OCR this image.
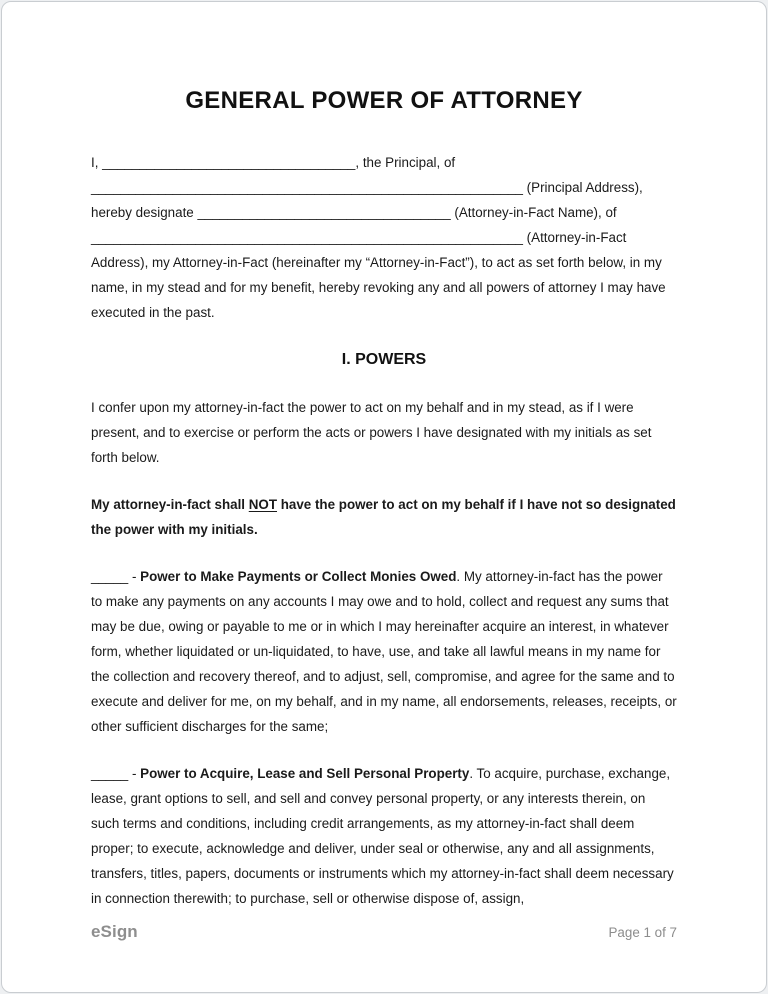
GENERAL POWER OF ATTORNEY

I, __________________________________, the Principal, of __________________________________________________________ (Principal Address), hereby designate __________________________________ (Attorney-in-Fact Name), of __________________________________________________________ (Attorney-in-Fact Address), my Attorney-in-Fact (hereinafter my “Attorney-in-Fact”), to act as set forth below, in my name, in my stead and for my benefit, hereby revoking any and all powers of attorney I may have executed in the past.

I. POWERS

I confer upon my attorney-in-fact the power to act on my behalf and in my stead, as if I were present, and to exercise or perform the acts or powers I have designated with my initials as set forth below.

My attorney-in-fact shall NOT have the power to act on my behalf if I have not so designated the power with my initials.

_____ - Power to Make Payments or Collect Monies Owed. My attorney-in-fact has the power to make any payments on any accounts I may owe and to hold, collect and request any sums that may be due, owing or payable to me or in which I may hereinafter acquire an interest, in whatever form, whether liquidated or un-liquidated, to have, use, and take all lawful means in my name for the collection and recovery thereof, and to adjust, sell, compromise, and agree for the same and to execute and deliver for me, on my behalf, and in my name, all endorsements, releases, receipts, or other sufficient discharges for the same;

_____ - Power to Acquire, Lease and Sell Personal Property. To acquire, purchase, exchange, lease, grant options to sell, and sell and convey personal property, or any interests therein, on such terms and conditions, including credit arrangements, as my attorney-in-fact shall deem proper; to execute, acknowledge and deliver, under seal or otherwise, any and all assignments, transfers, titles, papers, documents or instruments which my attorney-in-fact shall deem necessary in connection therewith; to purchase, sell or otherwise dispose of, assign,

eSign	Page 1 of 7
